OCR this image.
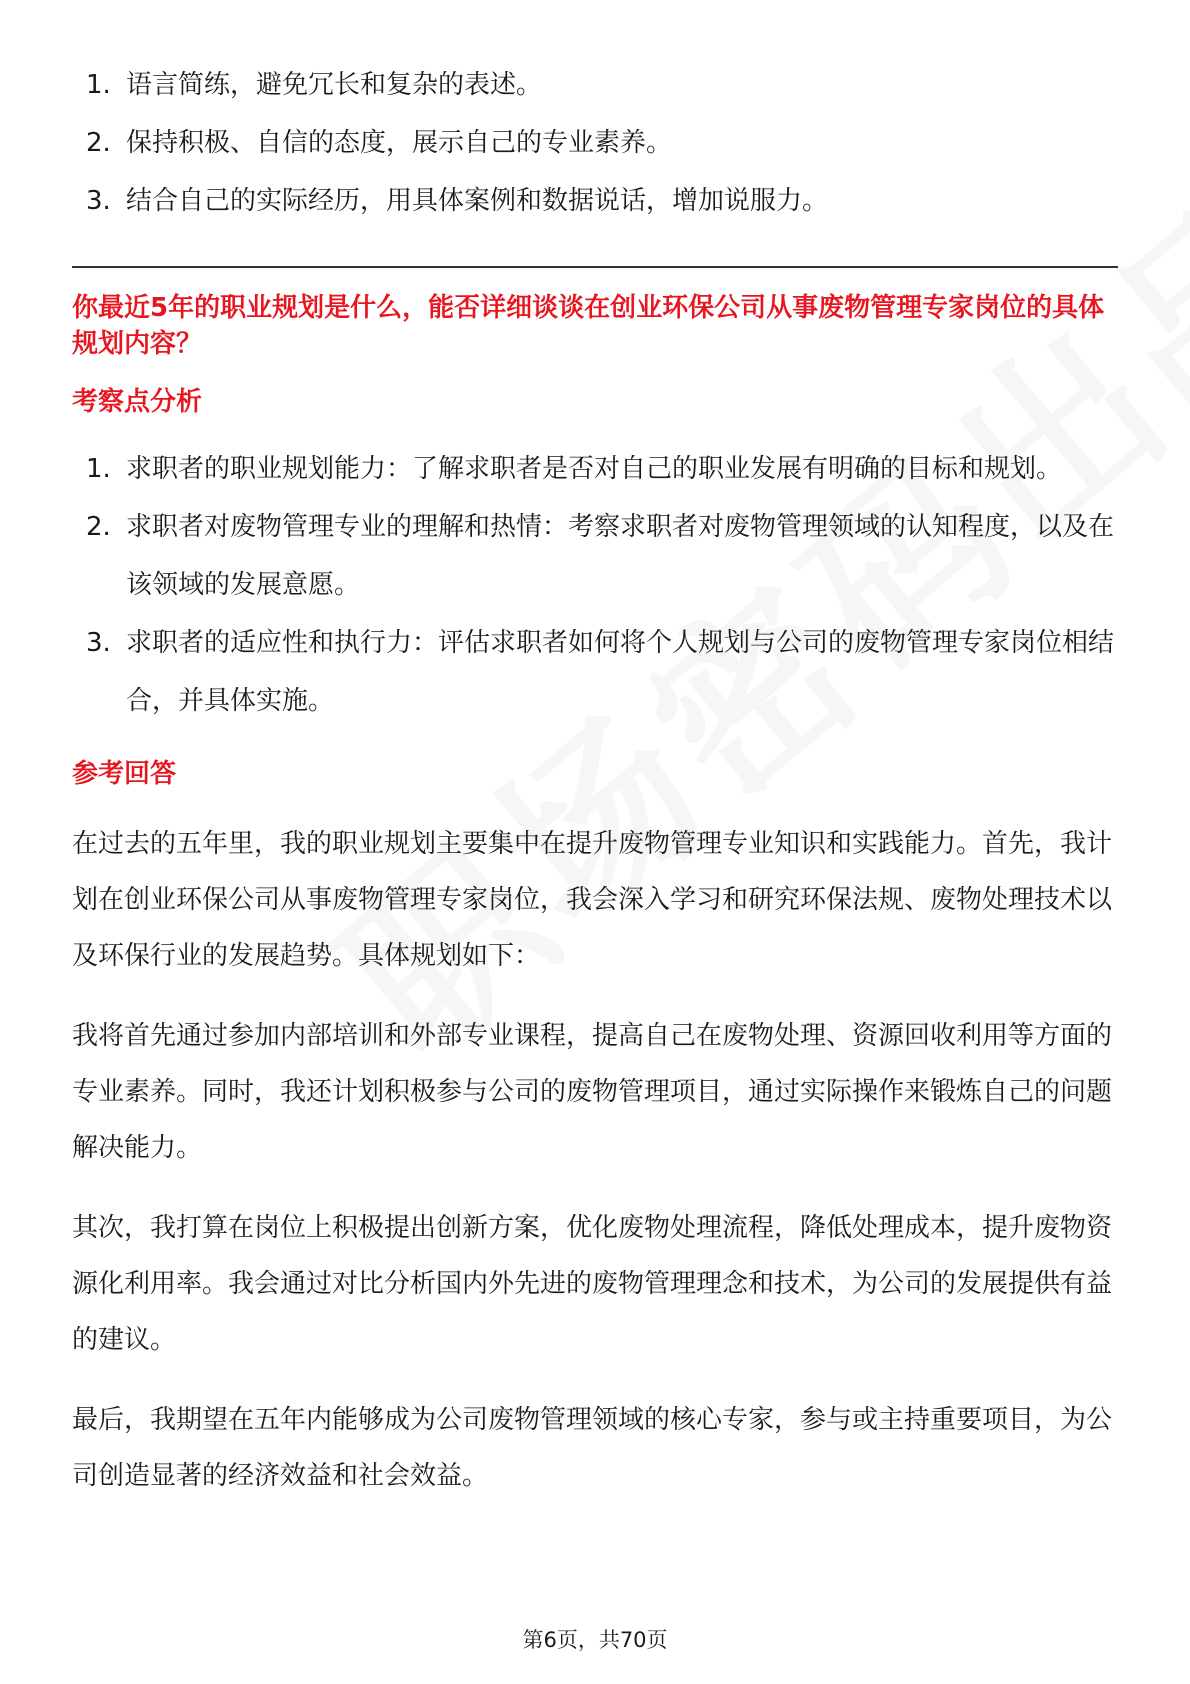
1. 语言简练，避免冗长和复杂的表述。
2. 保持积极、自信的态度，展示自己的专业素养。
3. 结合自己的实际经历，用具体案例和数据说话，增加说服力。

你最近5年的职业规划是什么，能否详细谈谈在创业环保公司从事废物管理专家岗位的具体规划内容？

考察点分析
1. 求职者的职业规划能力：了解求职者是否对自己的职业发展有明确的目标和规划。
2. 求职者对废物管理专业的理解和热情：考察求职者对废物管理领域的认知程度，以及在该领域的发展意愿。
3. 求职者的适应性和执行力：评估求职者如何将个人规划与公司的废物管理专家岗位相结合，并具体实施。
参考回答

在过去的五年里，我的职业规划主要集中在提升废物管理专业知识和实践能力。首先，我计划在创业环保公司从事废物管理专家岗位，我会深入学习和研究环保法规、废物处理技术以及环保行业的发展趋势。具体规划如下：

我将首先通过参加内部培训和外部专业课程，提高自己在废物处理、资源回收利用等方面的专业素养。同时，我还计划积极参与公司的废物管理项目，通过实际操作来锻炼自己的问题解决能力。

其次，我打算在岗位上积极提出创新方案，优化废物处理流程，降低处理成本，提升废物资源化利用率。我会通过对比分析国内外先进的废物管理理念和技术，为公司的发展提供有益的建议。

最后，我期望在五年内能够成为公司废物管理领域的核心专家，参与或主持重要项目，为公司创造显著的经济效益和社会效益。

第6页，共70页
